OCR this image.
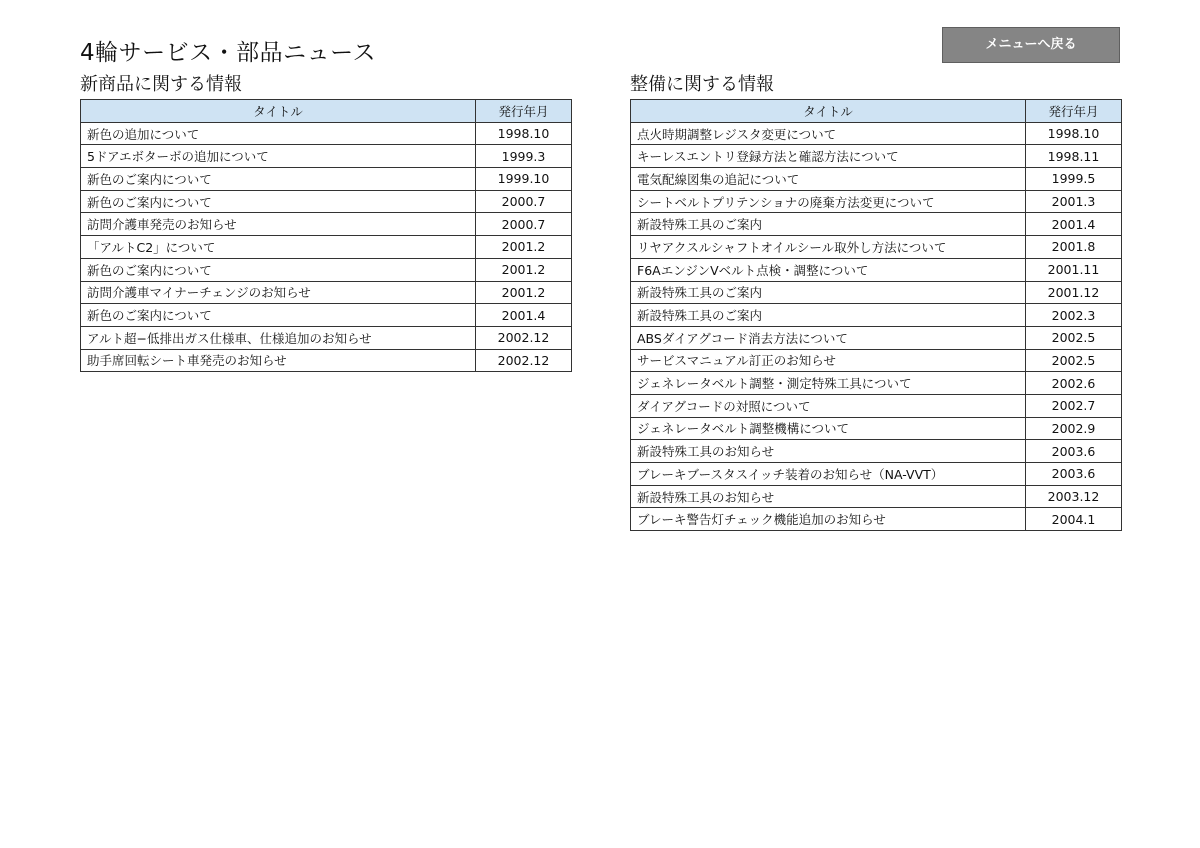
4輪サービス・部品ニュース	メニューへ戻る
新商品に関する情報
タイトル	発行年月
新色の追加について	1998.10
5ドアエボターボの追加について	1999.3
新色のご案内について	1999.10
新色のご案内について	2000.7
訪問介護車発売のお知らせ	2000.7
「アルトC2」について	2001.2
新色のご案内について	2001.2
訪問介護車マイナーチェンジのお知らせ	2001.2
新色のご案内について	2001.4
アルト超−低排出ガス仕様車、仕様追加のお知らせ	2002.12
助手席回転シート車発売のお知らせ	2002.12
整備に関する情報
タイトル	発行年月
点火時期調整レジスタ変更について	1998.10
キーレスエントリ登録方法と確認方法について	1998.11
電気配線図集の追記について	1999.5
シートベルトプリテンショナの廃棄方法変更について	2001.3
新設特殊工具のご案内	2001.4
リヤアクスルシャフトオイルシール取外し方法について	2001.8
F6AエンジンVベルト点検・調整について	2001.11
新設特殊工具のご案内	2001.12
新設特殊工具のご案内	2002.3
ABSダイアグコード消去方法について	2002.5
サービスマニュアル訂正のお知らせ	2002.5
ジェネレータベルト調整・測定特殊工具について	2002.6
ダイアグコードの対照について	2002.7
ジェネレータベルト調整機構について	2002.9
新設特殊工具のお知らせ	2003.6
ブレーキブースタスイッチ装着のお知らせ（NA-VVT）	2003.6
新設特殊工具のお知らせ	2003.12
ブレーキ警告灯チェック機能追加のお知らせ	2004.1
